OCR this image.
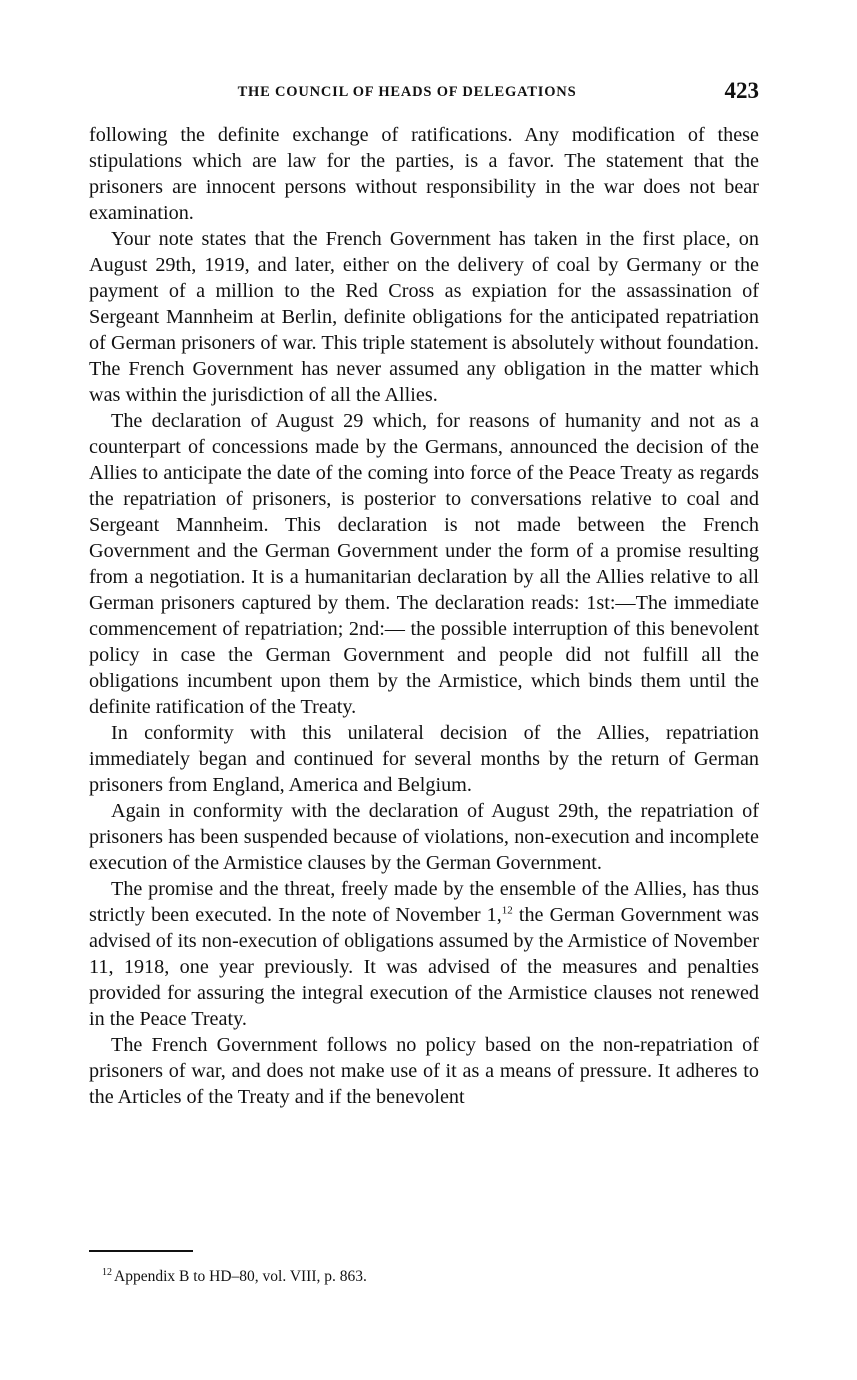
THE COUNCIL OF HEADS OF DELEGATIONS	423

following the definite exchange of ratifications. Any modification of these stipulations which are law for the parties, is a favor. The statement that the prisoners are innocent persons without responsibility in the war does not bear examination.

Your note states that the French Government has taken in the first place, on August 29th, 1919, and later, either on the delivery of coal by Germany or the payment of a million to the Red Cross as expiation for the assassination of Sergeant Mannheim at Berlin, definite obligations for the anticipated repatriation of German prisoners of war. This triple statement is absolutely without foundation. The French Government has never assumed any obligation in the matter which was within the jurisdiction of all the Allies.

The declaration of August 29 which, for reasons of humanity and not as a counterpart of concessions made by the Germans, announced the decision of the Allies to anticipate the date of the coming into force of the Peace Treaty as regards the repatriation of prisoners, is posterior to conversations relative to coal and Sergeant Mannheim. This declaration is not made between the French Government and the German Government under the form of a promise resulting from a negotiation. It is a humanitarian declaration by all the Allies relative to all German prisoners captured by them. The declaration reads: 1st:—The immediate commencement of repatriation; 2nd:— the possible interruption of this benevolent policy in case the German Government and people did not fulfill all the obligations incumbent upon them by the Armistice, which binds them until the definite ratification of the Treaty.

In conformity with this unilateral decision of the Allies, repatriation immediately began and continued for several months by the return of German prisoners from England, America and Belgium.

Again in conformity with the declaration of August 29th, the repatriation of prisoners has been suspended because of violations, non-execution and incomplete execution of the Armistice clauses by the German Government.

The promise and the threat, freely made by the ensemble of the Allies, has thus strictly been executed. In the note of November 1,12 the German Government was advised of its non-execution of obligations assumed by the Armistice of November 11, 1918, one year previously. It was advised of the measures and penalties provided for assuring the integral execution of the Armistice clauses not renewed in the Peace Treaty.

The French Government follows no policy based on the non-repatriation of prisoners of war, and does not make use of it as a means of pressure. It adheres to the Articles of the Treaty and if the benevolent

$^{12}$ Appendix B to HD–80, vol. VIII, p. 863.
